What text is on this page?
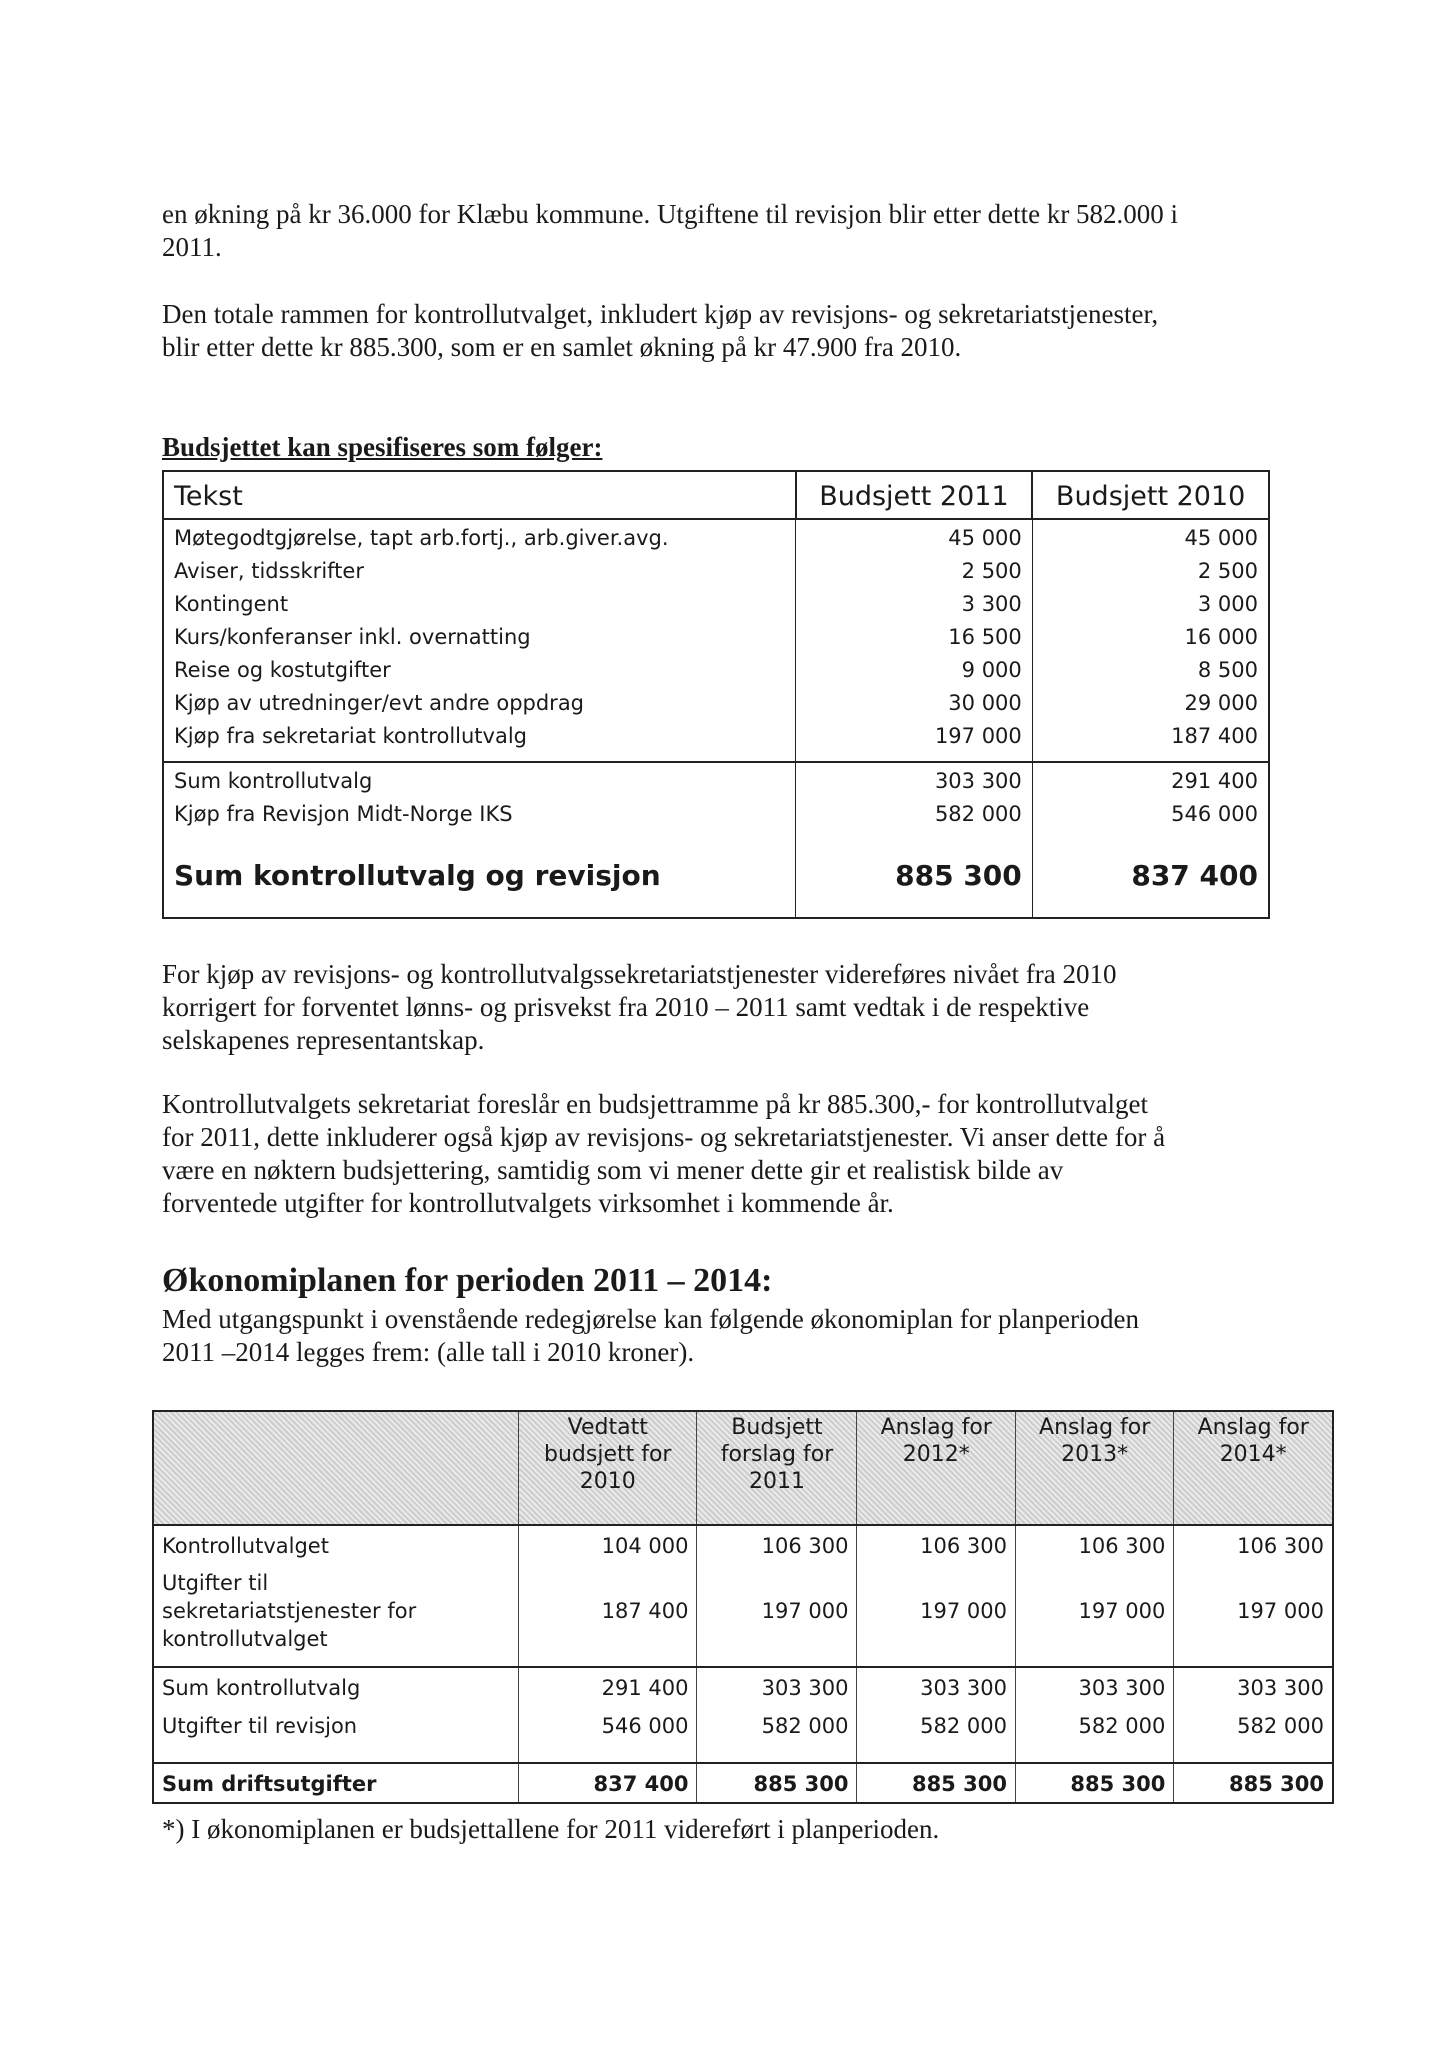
en økning på kr 36.000 for Klæbu kommune. Utgiftene til revisjon blir etter dette kr 582.000 i
2011.

Den totale rammen for kontrollutvalget, inkludert kjøp av revisjons- og sekretariatstjenester,
blir etter dette kr 885.300, som er en samlet økning på kr 47.900 fra 2010.

Budsjettet kan spesifiseres som følger:

Tekst	Budsjett 2011	Budsjett 2010
Møtegodtgjørelse, tapt arb.fortj., arb.giver.avg.	45 000	45 000
Aviser, tidsskrifter	2 500	2 500
Kontingent	3 300	3 000
Kurs/konferanser inkl. overnatting	16 500	16 000
Reise og kostutgifter	9 000	8 500
Kjøp av utredninger/evt andre oppdrag	30 000	29 000
Kjøp fra sekretariat kontrollutvalg	197 000	187 400

Sum kontrollutvalg	303 300	291 400
Kjøp fra Revisjon Midt-Norge IKS	582 000	546 000

Sum kontrollutvalg og revisjon	885 300	837 400

For kjøp av revisjons- og kontrollutvalgssekretariatstjenester videreføres nivået fra 2010
korrigert for forventet lønns- og prisvekst fra 2010 – 2011 samt vedtak i de respektive
selskapenes representantskap.

Kontrollutvalgets sekretariat foreslår en budsjettramme på kr 885.300,- for kontrollutvalget
for 2011, dette inkluderer også kjøp av revisjons- og sekretariatstjenester. Vi anser dette for å
være en nøktern budsjettering, samtidig som vi mener dette gir et realistisk bilde av
forventede utgifter for kontrollutvalgets virksomhet i kommende år.

Økonomiplanen for perioden 2011 – 2014:

Med utgangspunkt i ovenstående redegjørelse kan følgende økonomiplan for planperioden
2011 –2014 legges frem: (alle tall i 2010 kroner).

	Vedtatt
budsjett for
2010	Budsjett
forslag for
2011	Anslag for
2012*	Anslag for
2013*	Anslag for
2014*
Kontrollutvalget	104 000	106 300	106 300	106 300	106 300
Utgifter til
sekretariatstjenester for
kontrollutvalget	187 400	197 000	197 000	197 000	197 000

Sum kontrollutvalg	291 400	303 300	303 300	303 300	303 300
Utgifter til revisjon	546 000	582 000	582 000	582 000	582 000

Sum driftsutgifter	837 400	885 300	885 300	885 300	885 300

*) I økonomiplanen er budsjettallene for 2011 videreført i planperioden.
